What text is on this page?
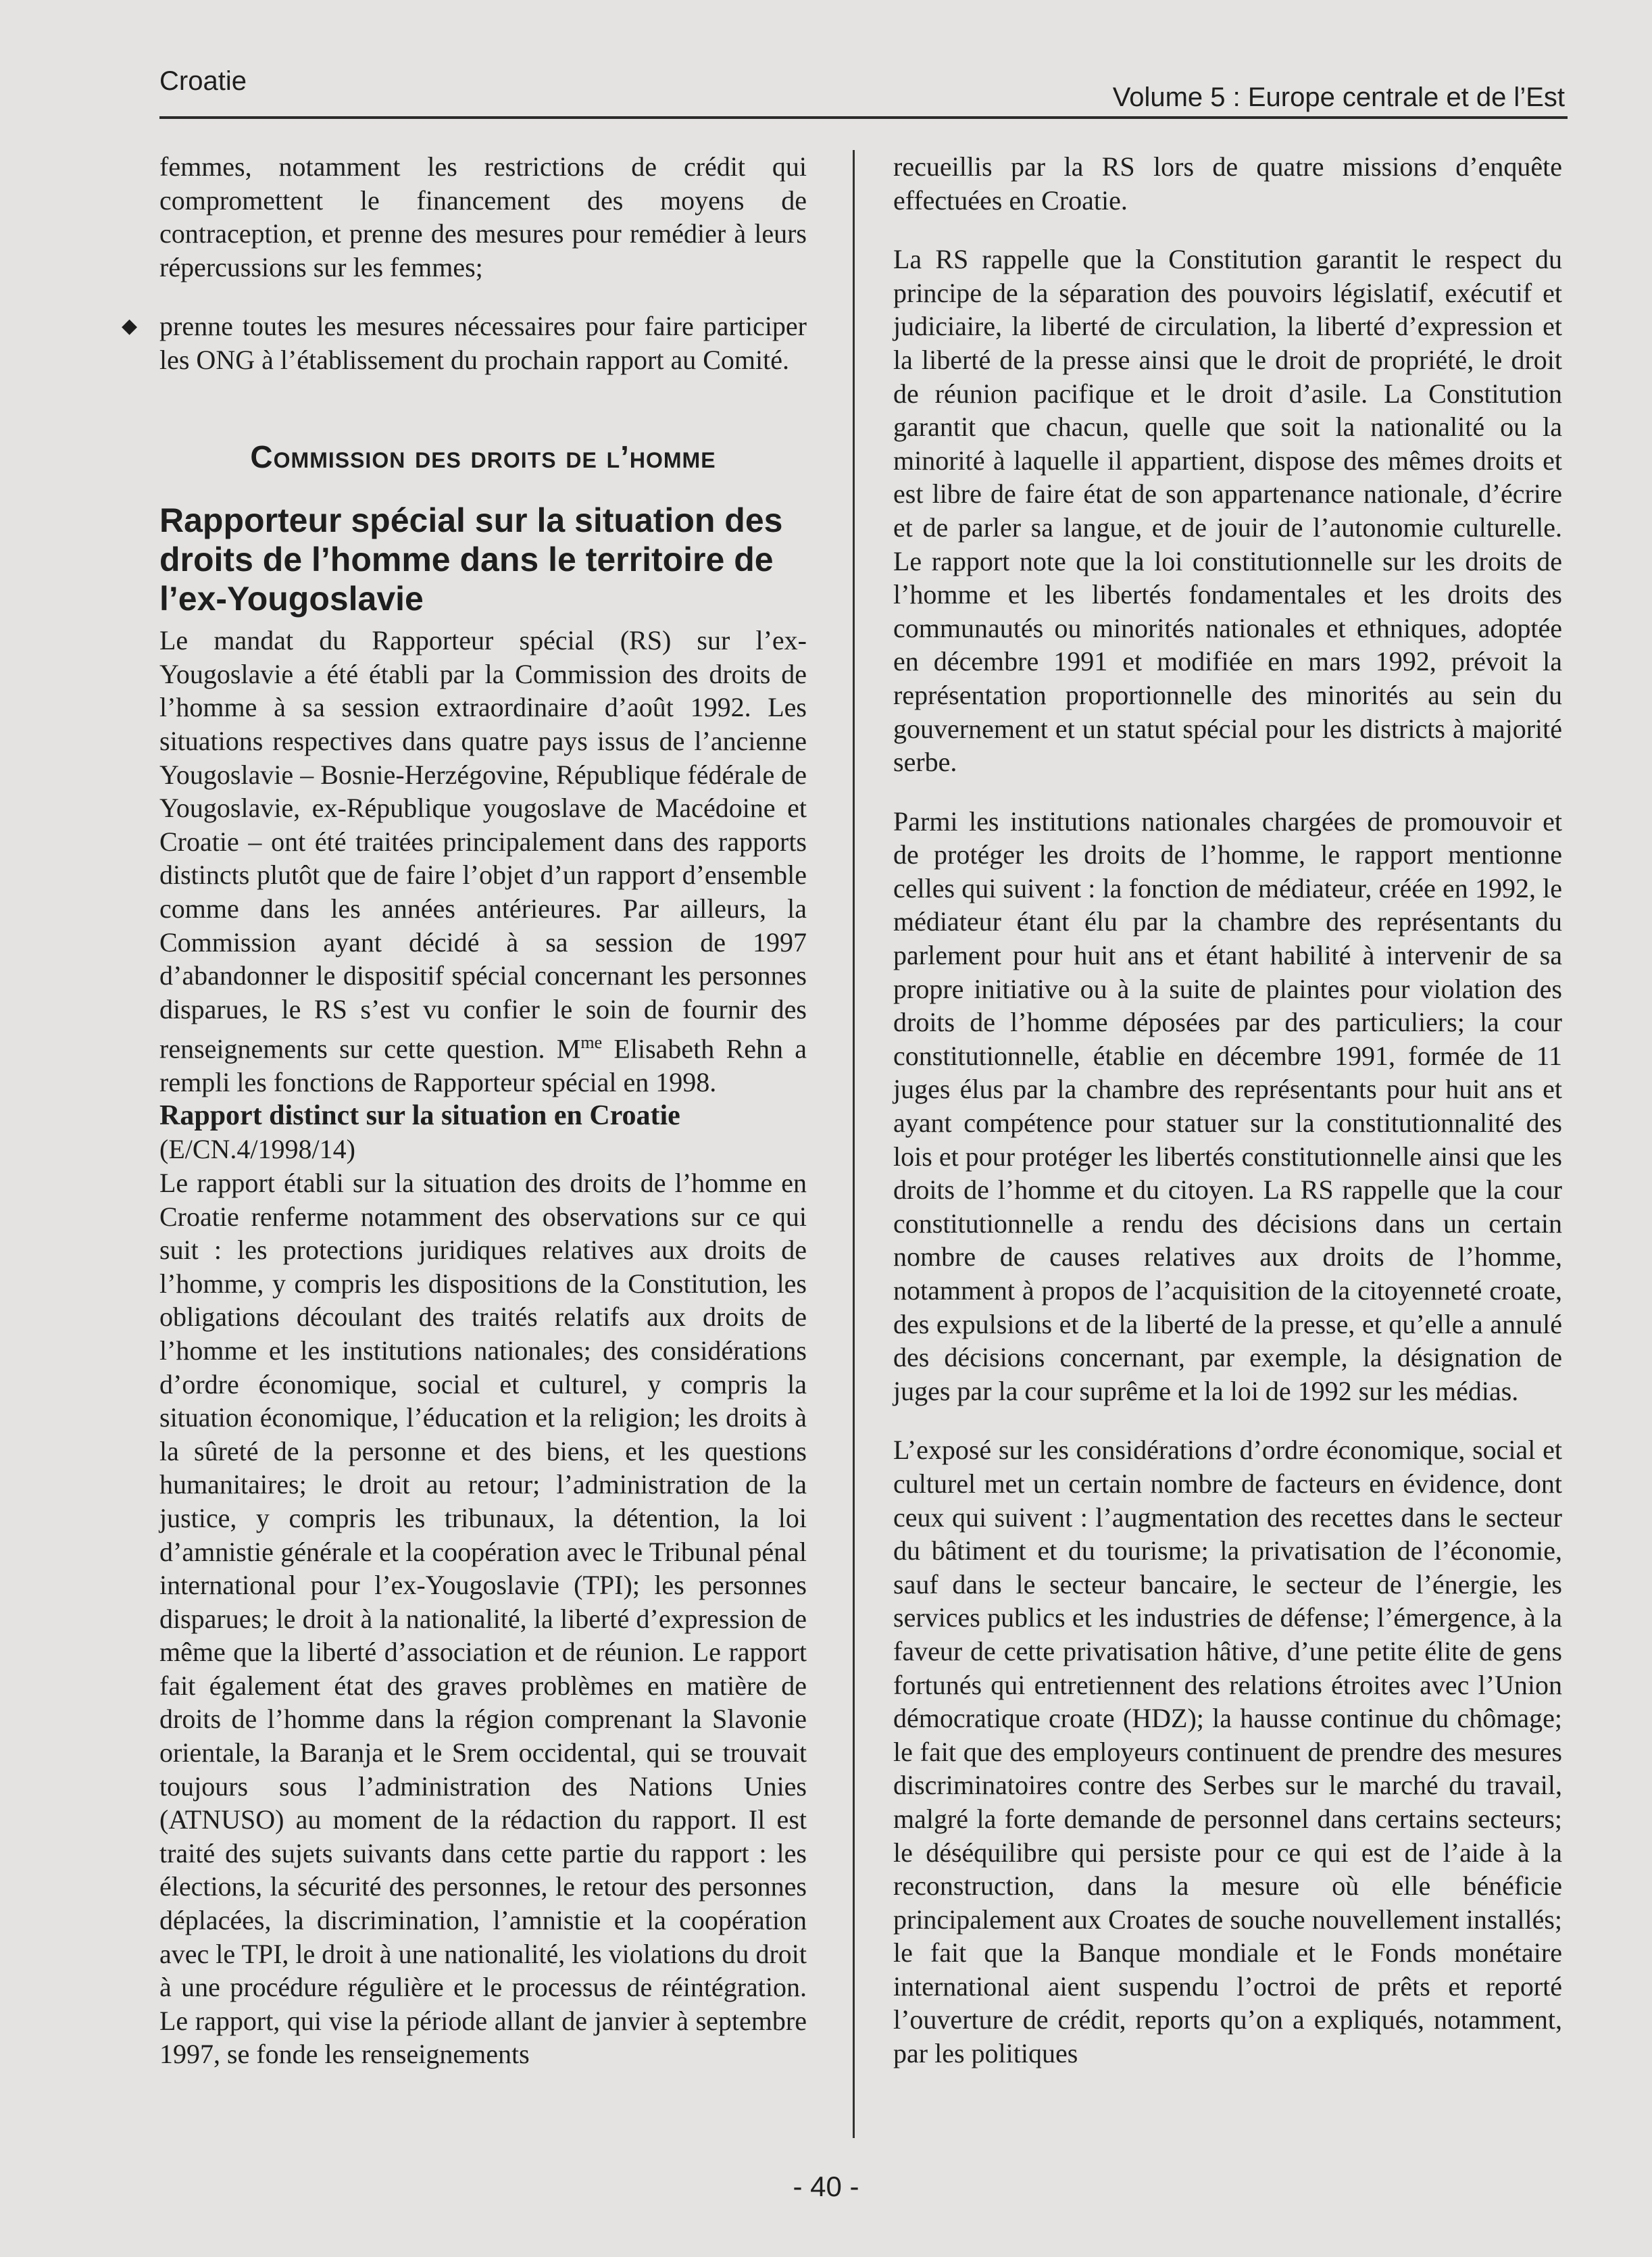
Croatie
Volume 5 : Europe centrale et de l’Est

femmes, notamment les restrictions de crédit qui compromettent le financement des moyens de contraception, et prenne des mesures pour remédier à leurs répercussions sur les femmes;

◆ prenne toutes les mesures nécessaires pour faire participer les ONG à l’établissement du prochain rapport au Comité.

Commission des droits de l’homme
Rapporteur spécial sur la situation des droits de l’homme dans le territoire de l’ex-Yougoslavie

Le mandat du Rapporteur spécial (RS) sur l’ex-Yougoslavie a été établi par la Commission des droits de l’homme à sa session extraordinaire d’août 1992. Les situations respectives dans quatre pays issus de l’ancienne Yougoslavie – Bosnie-Herzégovine, République fédérale de Yougoslavie, ex-République yougoslave de Macédoine et Croatie – ont été traitées principalement dans des rapports distincts plutôt que de faire l’objet d’un rapport d’ensemble comme dans les années antérieures. Par ailleurs, la Commission ayant décidé à sa session de 1997 d’abandonner le dispositif spécial concernant les personnes disparues, le RS s’est vu confier le soin de fournir des renseignements sur cette question. $M^{me}$ Elisabeth Rehn a rempli les fonctions de Rapporteur spécial en 1998.

Rapport distinct sur la situation en Croatie

(E/CN.4/1998/14)

Le rapport établi sur la situation des droits de l’homme en Croatie renferme notamment des observations sur ce qui suit : les protections juridiques relatives aux droits de l’homme, y compris les dispositions de la Constitution, les obligations découlant des traités relatifs aux droits de l’homme et les institutions nationales; des considérations d’ordre économique, social et culturel, y compris la situation économique, l’éducation et la religion; les droits à la sûreté de la personne et des biens, et les questions humanitaires; le droit au retour; l’administration de la justice, y compris les tribunaux, la détention, la loi d’amnistie générale et la coopération avec le Tribunal pénal international pour l’ex-Yougoslavie (TPI); les personnes disparues; le droit à la nationalité, la liberté d’expression de même que la liberté d’association et de réunion. Le rapport fait également état des graves problèmes en matière de droits de l’homme dans la région comprenant la Slavonie orientale, la Baranja et le Srem occidental, qui se trouvait toujours sous l’administration des Nations Unies (ATNUSO) au moment de la rédaction du rapport. Il est traité des sujets suivants dans cette partie du rapport : les élections, la sécurité des personnes, le retour des personnes déplacées, la discrimination, l’amnistie et la coopération avec le TPI, le droit à une nationalité, les violations du droit à une procédure régulière et le processus de réintégration. Le rapport, qui vise la période allant de janvier à septembre 1997, se fonde les renseignements

recueillis par la RS lors de quatre missions d’enquête effectuées en Croatie.

La RS rappelle que la Constitution garantit le respect du principe de la séparation des pouvoirs législatif, exécutif et judiciaire, la liberté de circulation, la liberté d’expression et la liberté de la presse ainsi que le droit de propriété, le droit de réunion pacifique et le droit d’asile. La Constitution garantit que chacun, quelle que soit la nationalité ou la minorité à laquelle il appartient, dispose des mêmes droits et est libre de faire état de son appartenance nationale, d’écrire et de parler sa langue, et de jouir de l’autonomie culturelle. Le rapport note que la loi constitutionnelle sur les droits de l’homme et les libertés fondamentales et les droits des communautés ou minorités nationales et ethniques, adoptée en décembre 1991 et modifiée en mars 1992, prévoit la représentation proportionnelle des minorités au sein du gouvernement et un statut spécial pour les districts à majorité serbe.

Parmi les institutions nationales chargées de promouvoir et de protéger les droits de l’homme, le rapport mentionne celles qui suivent : la fonction de médiateur, créée en 1992, le médiateur étant élu par la chambre des représentants du parlement pour huit ans et étant habilité à intervenir de sa propre initiative ou à la suite de plaintes pour violation des droits de l’homme déposées par des particuliers; la cour constitutionnelle, établie en décembre 1991, formée de 11 juges élus par la chambre des représentants pour huit ans et ayant compétence pour statuer sur la constitutionnalité des lois et pour protéger les libertés constitutionnelle ainsi que les droits de l’homme et du citoyen. La RS rappelle que la cour constitutionnelle a rendu des décisions dans un certain nombre de causes relatives aux droits de l’homme, notamment à propos de l’acquisition de la citoyenneté croate, des expulsions et de la liberté de la presse, et qu’elle a annulé des décisions concernant, par exemple, la désignation de juges par la cour suprême et la loi de 1992 sur les médias.

L’exposé sur les considérations d’ordre économique, social et culturel met un certain nombre de facteurs en évidence, dont ceux qui suivent : l’augmentation des recettes dans le secteur du bâtiment et du tourisme; la privatisation de l’économie, sauf dans le secteur bancaire, le secteur de l’énergie, les services publics et les industries de défense; l’émergence, à la faveur de cette privatisation hâtive, d’une petite élite de gens fortunés qui entretiennent des relations étroites avec l’Union démocratique croate (HDZ); la hausse continue du chômage; le fait que des employeurs continuent de prendre des mesures discriminatoires contre des Serbes sur le marché du travail, malgré la forte demande de personnel dans certains secteurs; le déséquilibre qui persiste pour ce qui est de l’aide à la reconstruction, dans la mesure où elle bénéficie principalement aux Croates de souche nouvellement installés; le fait que la Banque mondiale et le Fonds monétaire international aient suspendu l’octroi de prêts et reporté l’ouverture de crédit, reports qu’on a expliqués, notamment, par les politiques

- 40 -
